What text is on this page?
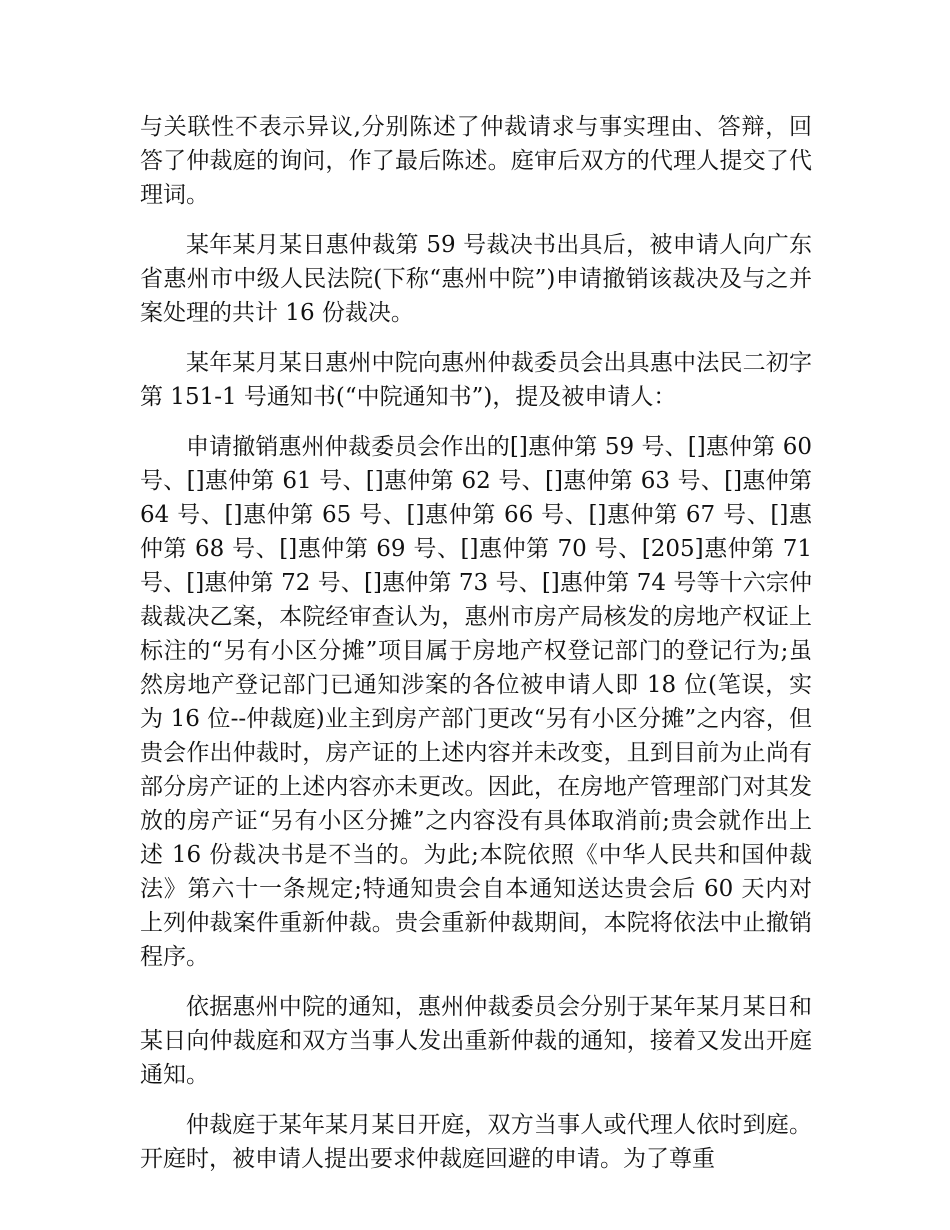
与关联性不表示异议,分别陈述了仲裁请求与事实理由、答辩，回答了仲裁庭的询问，作了最后陈述。庭审后双方的代理人提交了代理词。

某年某月某日惠仲裁第 59 号裁决书出具后，被申请人向广东省惠州市中级人民法院(下称“惠州中院”)申请撤销该裁决及与之并案处理的共计 16 份裁决。

某年某月某日惠州中院向惠州仲裁委员会出具惠中法民二初字第 151-1 号通知书(“中院通知书”)，提及被申请人：

申请撤销惠州仲裁委员会作出的[]惠仲第 59 号、[]惠仲第 60 号、[]惠仲第 61 号、[]惠仲第 62 号、[]惠仲第 63 号、[]惠仲第 64 号、[]惠仲第 65 号、[]惠仲第 66 号、[]惠仲第 67 号、[]惠仲第 68 号、[]惠仲第 69 号、[]惠仲第 70 号、[205]惠仲第 71 号、[]惠仲第 72 号、[]惠仲第 73 号、[]惠仲第 74 号等十六宗仲裁裁决乙案，本院经审查认为，惠州市房产局核发的房地产权证上标注的“另有小区分摊”项目属于房地产权登记部门的登记行为;虽然房地产登记部门已通知涉案的各位被申请人即 18 位(笔误，实为 16 位--仲裁庭)业主到房产部门更改“另有小区分摊”之内容，但贵会作出仲裁时，房产证的上述内容并未改变，且到目前为止尚有部分房产证的上述内容亦未更改。因此，在房地产管理部门对其发放的房产证“另有小区分摊”之内容没有具体取消前;贵会就作出上述 16 份裁决书是不当的。为此;本院依照《中华人民共和国仲裁法》第六十一条规定;特通知贵会自本通知送达贵会后 60 天内对上列仲裁案件重新仲裁。贵会重新仲裁期间，本院将依法中止撤销程序。

依据惠州中院的通知，惠州仲裁委员会分别于某年某月某日和某日向仲裁庭和双方当事人发出重新仲裁的通知，接着又发出开庭通知。

仲裁庭于某年某月某日开庭，双方当事人或代理人依时到庭。开庭时，被申请人提出要求仲裁庭回避的申请。为了尊重
